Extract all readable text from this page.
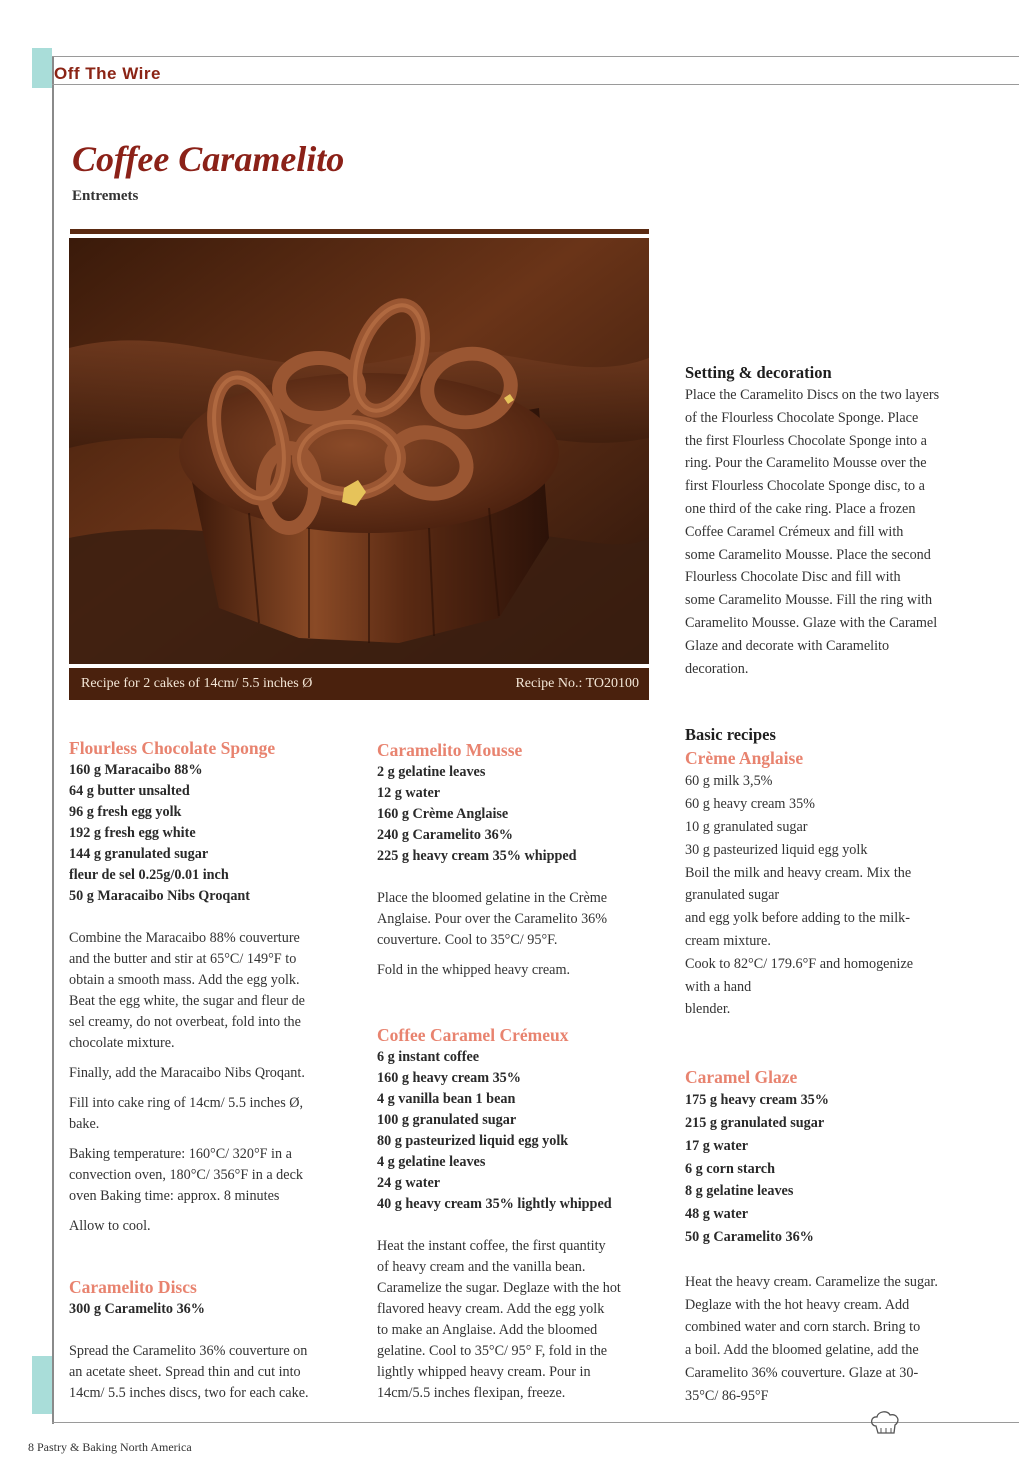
Off The Wire
Coffee Caramelito
Entremets
Recipe for 2 cakes of 14cm/ 5.5 inches Ø	Recipe No.: TO20100
Flourless Chocolate Sponge
160 g Maracaibo 88%
64 g butter unsalted
96 g fresh egg yolk
192 g fresh egg white
144 g granulated sugar
fleur de sel 0.25g/0.01 inch
50 g Maracaibo Nibs Qroqant

Combine the Maracaibo 88% couverture
and the butter and stir at 65°C/ 149°F to
obtain a smooth mass. Add the egg yolk.
Beat the egg white, the sugar and fleur de
sel creamy, do not overbeat, fold into the
chocolate mixture.

Finally, add the Maracaibo Nibs Qroqant.

Fill into cake ring of 14cm/ 5.5 inches Ø,
bake.

Baking temperature: 160°C/ 320°F in a
convection oven, 180°C/ 356°F in a deck
oven Baking time: approx. 8 minutes

Allow to cool.

Caramelito Discs
300 g Caramelito 36%

Spread the Caramelito 36% couverture on
an acetate sheet. Spread thin and cut into
14cm/ 5.5 inches discs, two for each cake.

Caramelito Mousse
2 g gelatine leaves
12 g water
160 g Crème Anglaise
240 g Caramelito 36%
225 g heavy cream 35% whipped

Place the bloomed gelatine in the Crème
Anglaise. Pour over the Caramelito 36%
couverture. Cool to 35°C/ 95°F.

Fold in the whipped heavy cream.

Coffee Caramel Crémeux
6 g instant coffee
160 g heavy cream 35%
4 g vanilla bean 1 bean
100 g granulated sugar
80 g pasteurized liquid egg yolk
4 g gelatine leaves
24 g water
40 g heavy cream 35% lightly whipped

Heat the instant coffee, the first quantity
of heavy cream and the vanilla bean.
Caramelize the sugar. Deglaze with the hot
flavored heavy cream. Add the egg yolk
to make an Anglaise. Add the bloomed
gelatine. Cool to 35°C/ 95° F, fold in the
lightly whipped heavy cream. Pour in
14cm/5.5 inches flexipan, freeze.

Setting & decoration

Place the Caramelito Discs on the two layers
of the Flourless Chocolate Sponge. Place
the first Flourless Chocolate Sponge into a
ring. Pour the Caramelito Mousse over the
first Flourless Chocolate Sponge disc, to a
one third of the cake ring. Place a frozen
Coffee Caramel Crémeux and fill with
some Caramelito Mousse. Place the second
Flourless Chocolate Disc and fill with
some Caramelito Mousse. Fill the ring with
Caramelito Mousse. Glaze with the Caramel
Glaze and decorate with Caramelito
decoration.

Basic recipes
Crème Anglaise
60 g milk 3,5%
60 g heavy cream 35%
10 g granulated sugar
30 g pasteurized liquid egg yolk

Boil the milk and heavy cream. Mix the
granulated sugar
and egg yolk before adding to the milk-
cream mixture.
Cook to 82°C/ 179.6°F and homogenize
with a hand
blender.

Caramel Glaze
175 g heavy cream 35%
215 g granulated sugar
17 g water
6 g corn starch
8 g gelatine leaves
48 g water
50 g Caramelito 36%

Heat the heavy cream. Caramelize the sugar.
Deglaze with the hot heavy cream. Add
combined water and corn starch. Bring to
a boil. Add the bloomed gelatine, add the
Caramelito 36% couverture. Glaze at 30-
35°C/ 86-95°F

8 Pastry & Baking North America
